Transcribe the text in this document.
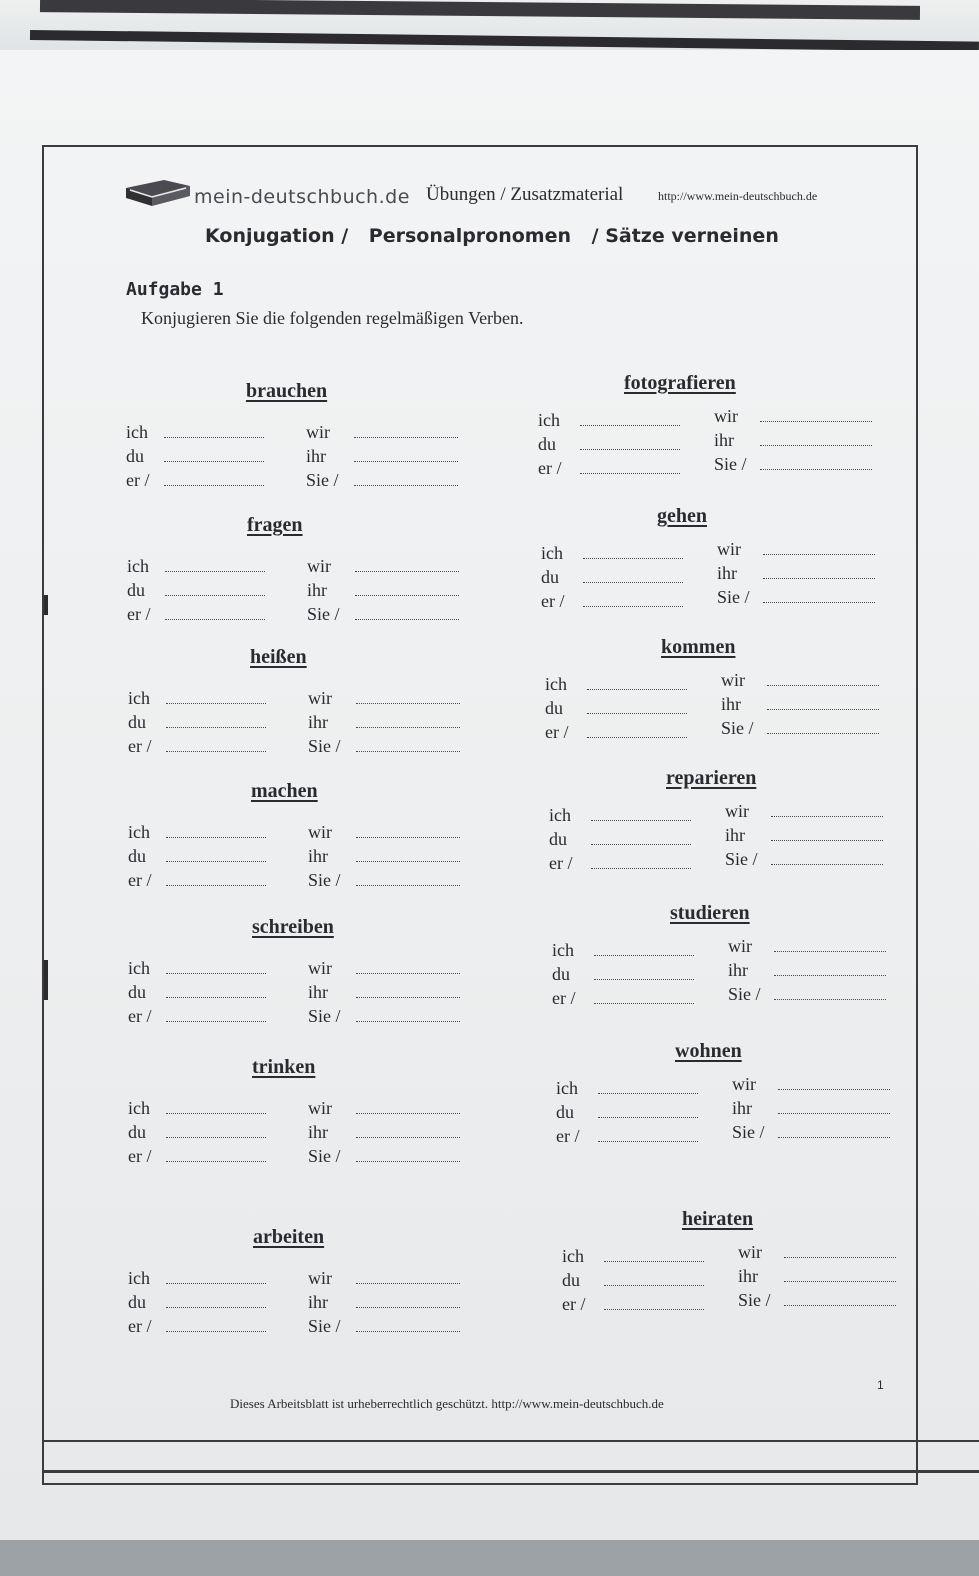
mein-deutschbuch.de Übungen / Zusatzmaterial	http://www.mein-deutschbuch.de
Konjugation / Personalpronomen / Sätze verneinen
Aufgabe 1
Konjugieren Sie die folgenden regelmäßigen Verben.
brauchen
ich	wir
du	ihr
er /	Sie /
fotografieren
ich	wir
du	ihr
er /	Sie /
fragen
ich	wir
du	ihr
er /	Sie /
gehen
ich	wir
du	ihr
er /	Sie /
heißen
ich	wir
du	ihr
er /	Sie /
kommen
ich	wir
du	ihr
er /	Sie /
machen
ich	wir
du	ihr
er /	Sie /
reparieren
ich	wir
du	ihr
er /	Sie /
schreiben
ich	wir
du	ihr
er /	Sie /
studieren
ich	wir
du	ihr
er /	Sie /
trinken
ich	wir
du	ihr
er /	Sie /
wohnen
ich	wir
du	ihr
er /	Sie /
arbeiten
ich	wir
du	ihr
er /	Sie /
heiraten
ich	wir
du	ihr
er /	Sie /
1
Dieses Arbeitsblatt ist urheberrechtlich geschützt. http://www.mein-deutschbuch.de
